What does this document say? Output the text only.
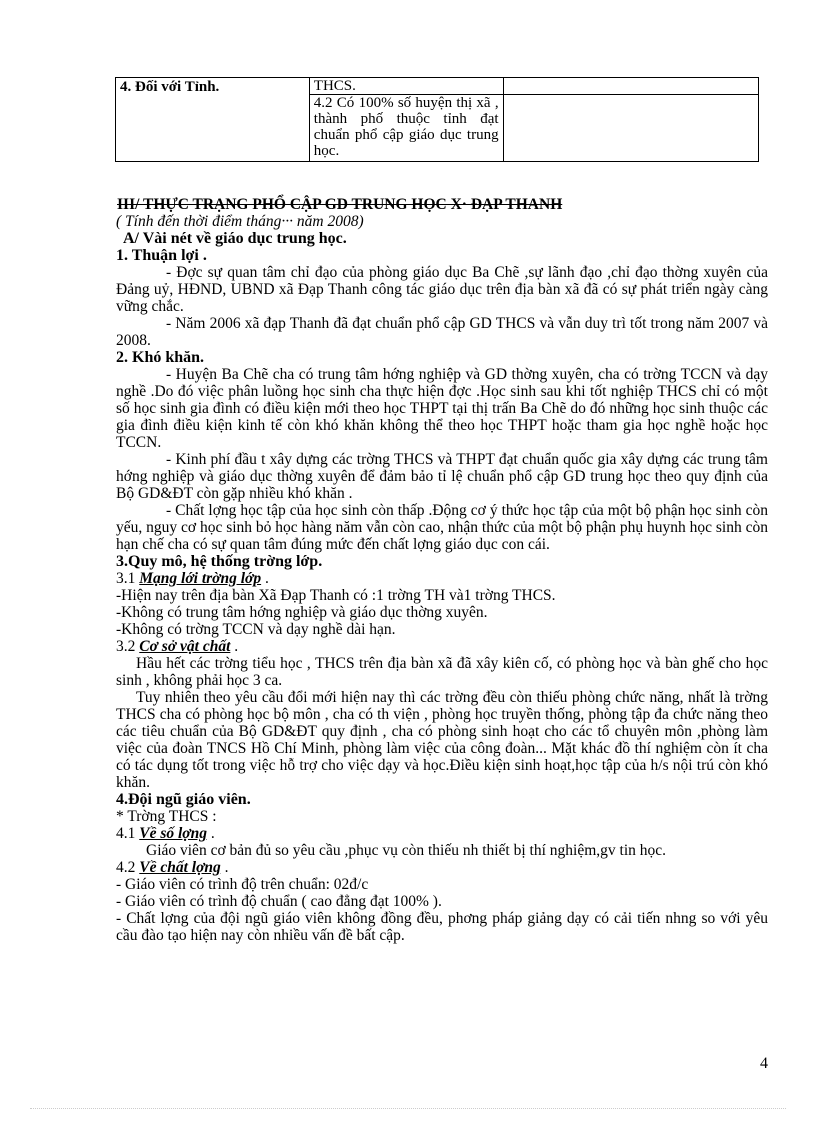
4. Đối với Tỉnh.	THCS.	
	4.2 Có 100% số huyện thị xã , thành phố thuộc tỉnh đạt chuẩn phổ cập giáo dục trung học.	

III/ THỰC TRẠNG PHỔ CẬP GD TRUNG HỌC X· ĐẠP THANH

( Tính đến thời điểm tháng··· năm 2008)

A/ Vài nét về giáo dục trung học.

1. Thuận lợi .

- Đợc sự quan tâm chỉ đạo của phòng giáo dục Ba Chẽ ,sự lãnh đạo ,chỉ đạo thờng xuyên của Đảng uỷ, HĐND, UBND xã Đạp Thanh công tác giáo dục trên địa bàn xã đã có sự phát triển ngày càng vững chắc.

- Năm 2006 xã đạp Thanh đã đạt chuẩn phổ cập GD THCS và vẫn duy trì tốt trong năm 2007 và 2008.

2. Khó khăn.

- Huyện Ba Chẽ cha có trung tâm hớng nghiệp và GD thờng xuyên, cha có trờng TCCN và dạy nghề .Do đó việc phân luồng học sinh cha thực hiện đợc .Học sinh sau khi tốt nghiệp THCS chỉ có một số học sinh gia đình có điều kiện mới theo học THPT tại thị trấn Ba Chẽ do đó những học sinh thuộc các gia đình điều kiện kinh tế còn khó khăn không thể theo học THPT hoặc tham gia học nghề hoặc học TCCN.

- Kinh phí đầu t xây dựng các trờng THCS và THPT đạt chuẩn quốc gia xây dựng các trung tâm hớng nghiệp và giáo dục thờng xuyên để đảm bảo tỉ lệ chuẩn phổ cập GD trung học theo quy định của Bộ GD&ĐT còn gặp nhiều khó khăn .

- Chất lợng học tập của học sinh còn thấp .Động cơ ý thức học tập của một bộ phận học sinh còn yếu, nguy cơ học sinh bỏ học hàng năm vẫn còn cao, nhận thức của một bộ phận phụ huynh học sinh còn hạn chế cha có sự quan tâm đúng mức đến chất lợng giáo dục con cái.

3.Quy mô, hệ thống trờng lớp.

3.1 Mạng lới trờng lớp .

-Hiện nay trên địa bàn Xã Đạp Thanh có :1 trờng TH và1 trờng THCS.

-Không có trung tâm hớng nghiệp và giáo dục thờng xuyên.

-Không có trờng TCCN và dạy nghề dài hạn.

3.2 Cơ sở vật chất .

Hầu hết các trờng tiểu học , THCS trên địa bàn xã đã xây kiên cố, có phòng học và bàn ghế cho học sinh , không phải học 3 ca.

Tuy nhiên theo yêu cầu đổi mới hiện nay thì các trờng đều còn thiếu phòng chức năng, nhất là trờng THCS cha có phòng học bộ môn , cha có th viện , phòng học truyền thống, phòng tập đa chức năng theo các tiêu chuẩn của Bộ GD&ĐT quy định , cha có phòng sinh hoạt cho các tổ chuyên môn ,phòng làm việc của đoàn TNCS Hồ Chí Minh, phòng làm việc của công đoàn... Mặt khác đồ thí nghiệm còn ít cha có tác dụng tốt trong việc hỗ trợ cho việc dạy và học.Điều kiện sinh hoạt,học tập của h/s nội trú còn khó khăn.

4.Đội ngũ giáo viên.

* Trờng THCS :

4.1 Về số lợng .

Giáo viên cơ bản đủ so yêu cầu ,phục vụ còn thiếu nh thiết bị thí nghiệm,gv tin học.

4.2 Về chất lợng .

- Giáo viên có trình độ trên chuẩn: 02đ/c

- Giáo viên có trình độ chuẩn ( cao đẳng đạt 100% ).

- Chất lợng của đội ngũ giáo viên không đồng đều, phơng pháp giảng dạy có cải tiến nhng so với yêu cầu đào tạo hiện nay còn nhiều vấn đề bất cập.

4
